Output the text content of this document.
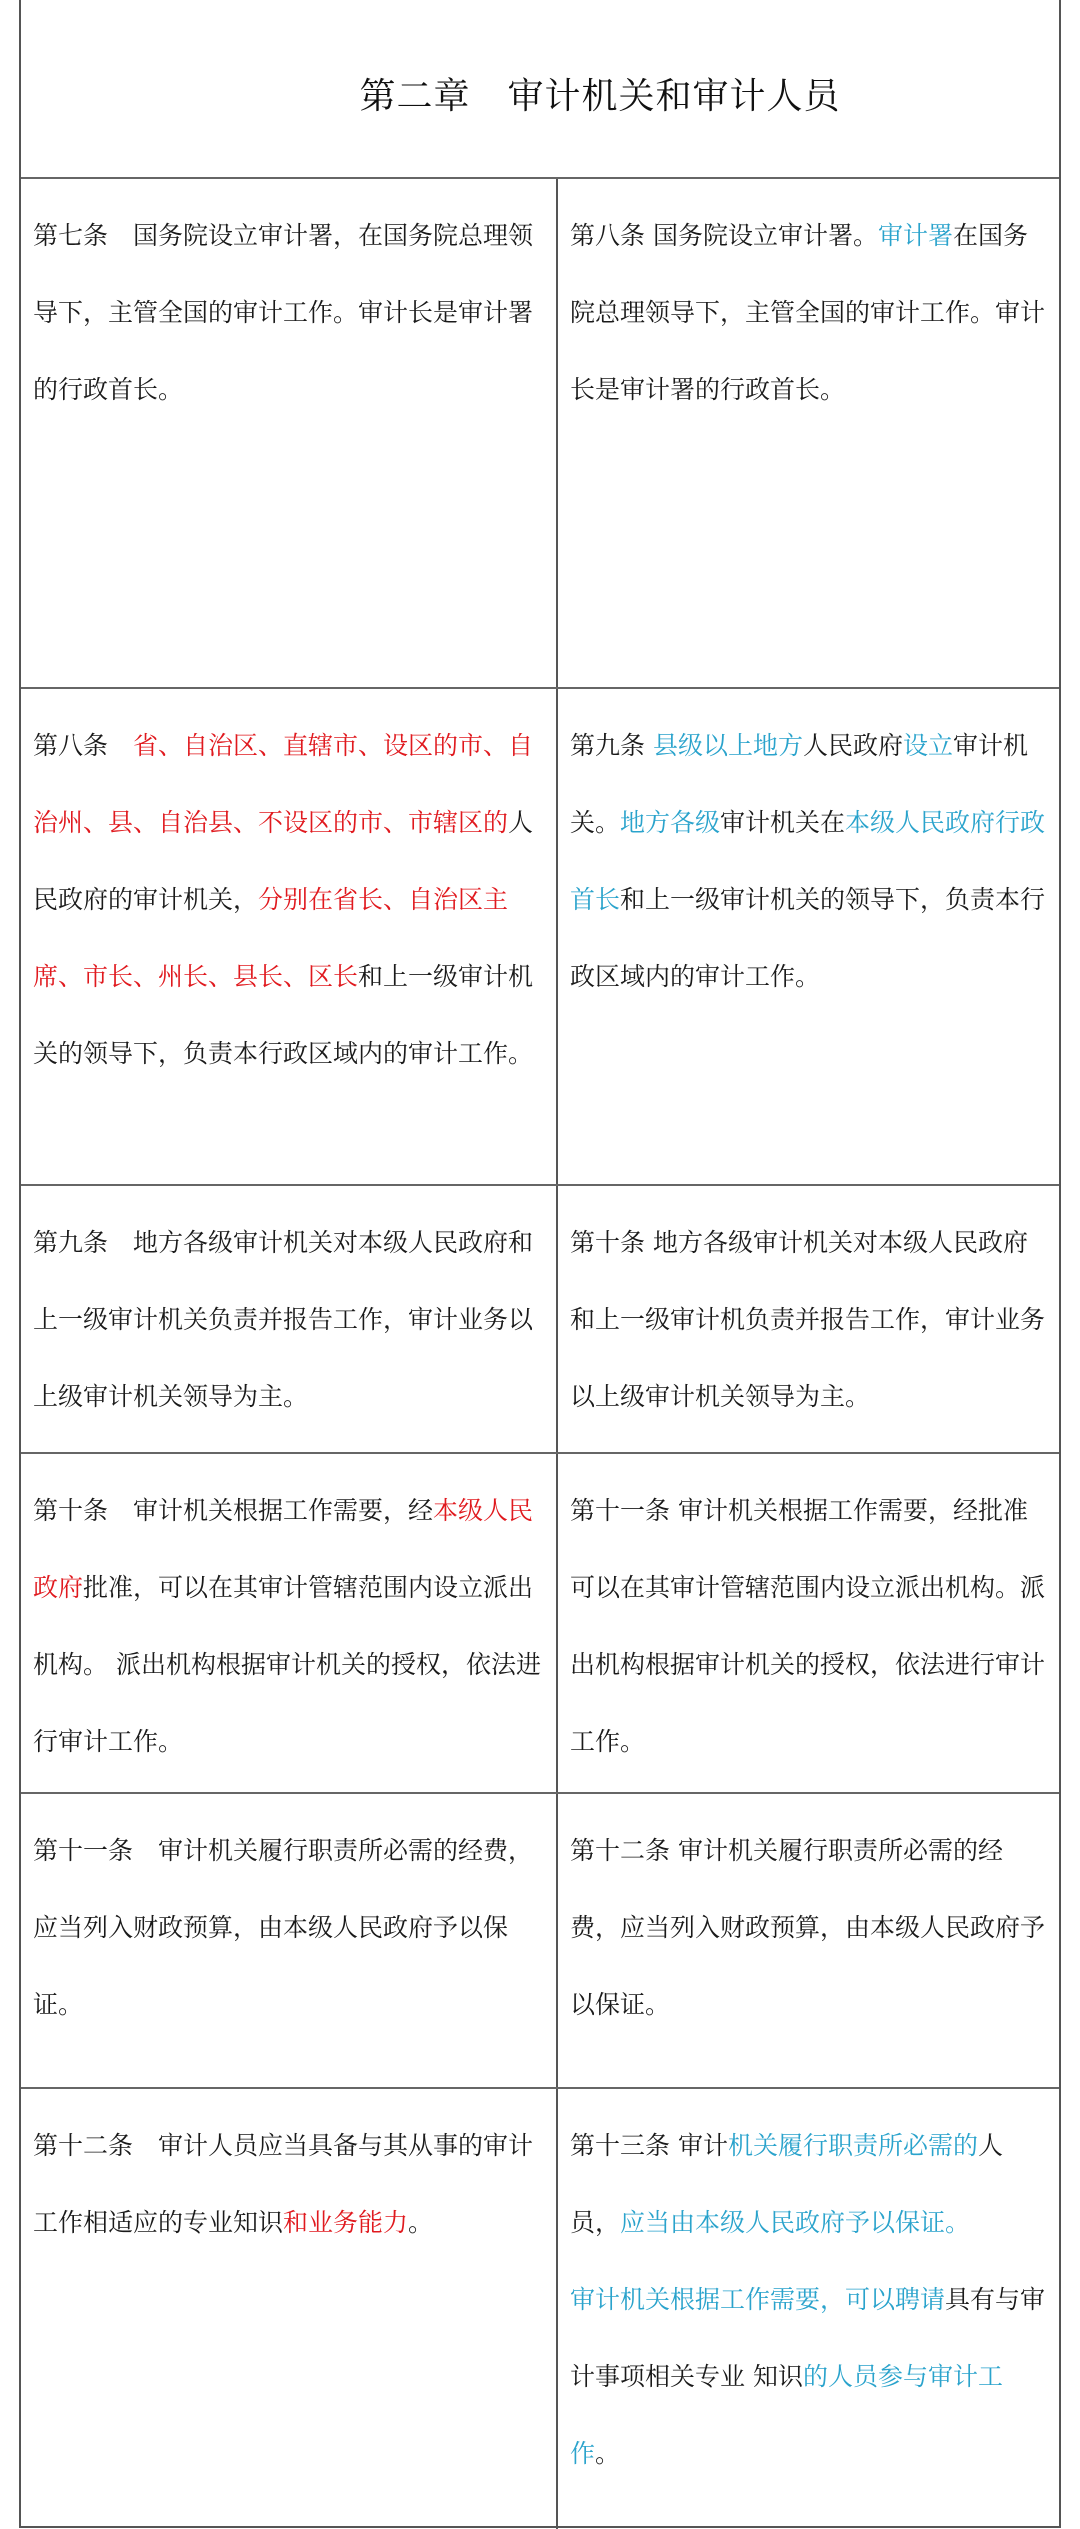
第二章　审计机关和审计人员
第七条　国务院设立审计署，在国务院总理领导下，主管全国的审计工作。审计长是审计署的行政首长。
第八条 国务院设立审计署。审计署在国务院总理领导下，主管全国的审计工作。审计长是审计署的行政首长。
第八条　省、自治区、直辖市、设区的市、自治州、县、自治县、不设区的市、市辖区的人民政府的审计机关，分别在省长、自治区主席、市长、州长、县长、区长和上一级审计机关的领导下，负责本行政区域内的审计工作。
第九条 县级以上地方人民政府设立审计机关。地方各级审计机关在本级人民政府行政首长和上一级审计机关的领导下，负责本行政区域内的审计工作。
第九条　地方各级审计机关对本级人民政府和上一级审计机关负责并报告工作，审计业务以上级审计机关领导为主。
第十条 地方各级审计机关对本级人民政府和上一级审计机负责并报告工作，审计业务以上级审计机关领导为主。
第十条　审计机关根据工作需要，经本级人民政府批准，可以在其审计管辖范围内设立派出机构。 派出机构根据审计机关的授权，依法进行审计工作。
第十一条 审计机关根据工作需要，经批准可以在其审计管辖范围内设立派出机构。派出机构根据审计机关的授权，依法进行审计工作。
第十一条　审计机关履行职责所必需的经费，应当列入财政预算，由本级人民政府予以保证。
第十二条 审计机关履行职责所必需的经费，应当列入财政预算，由本级人民政府予以保证。
第十二条　审计人员应当具备与其从事的审计工作相适应的专业知识和业务能力。
第十三条 审计机关履行职责所必需的人员，应当由本级人民政府予以保证。
审计机关根据工作需要，可以聘请具有与审计事项相关专业 知识的人员参与审计工作。
